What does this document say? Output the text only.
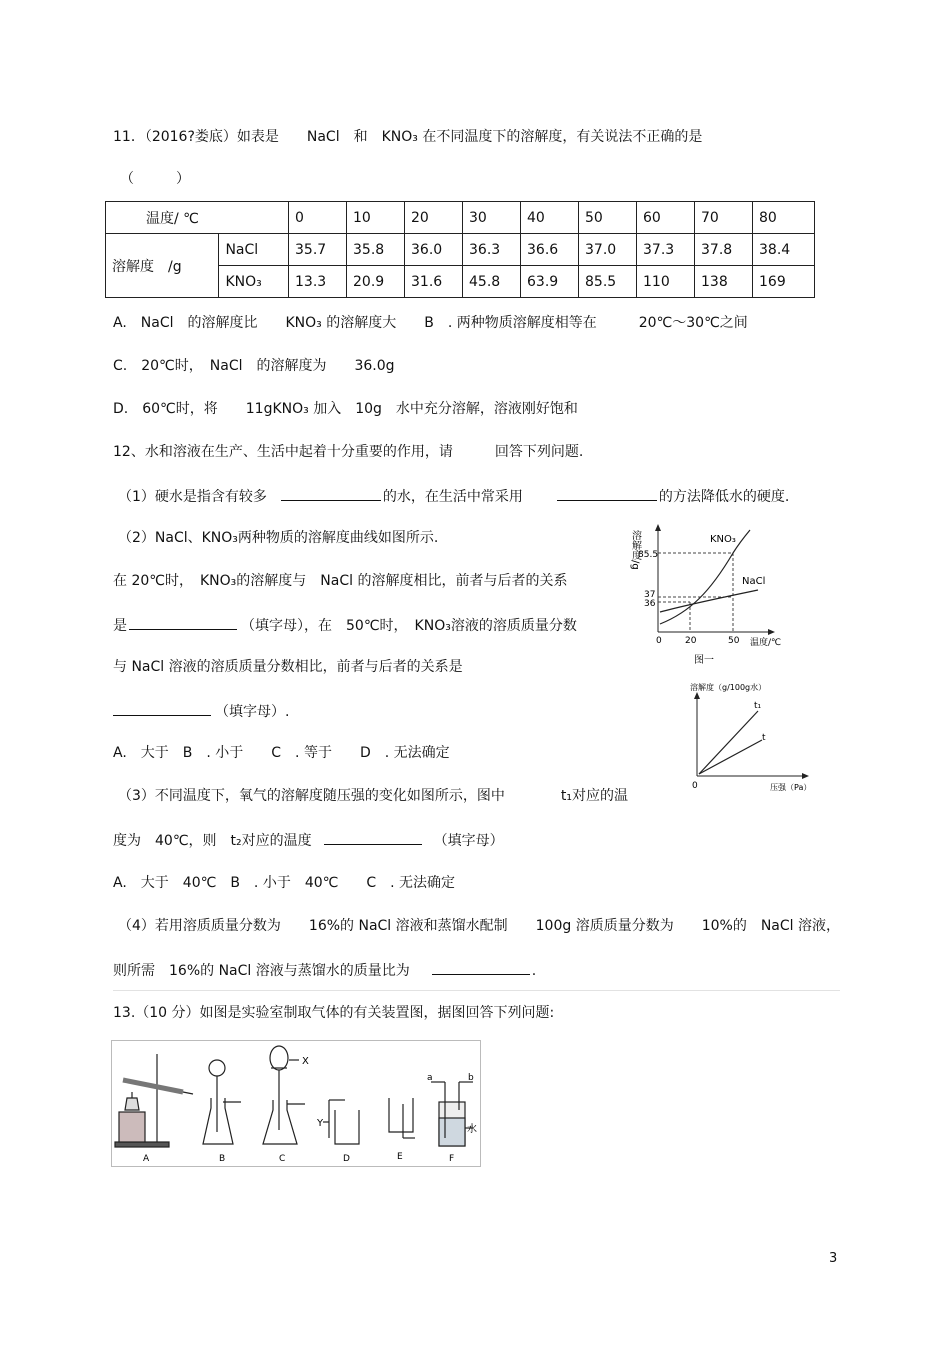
11．（2016?娄底）如表是　　NaCl　和　KNO₃ 在不同温度下的溶解度，有关说法不正确的是
（　　　）
温度/ ℃		0	10	20	30	40	50	60	70	80
溶解度　/g	NaCl	35.7	35.8	36.0	36.3	36.6	37.0	37.3	37.8	38.4
	KNO₃	13.3	20.9	31.6	45.8	63.9	85.5	110	138	169
A.　NaCl　的溶解度比　　KNO₃ 的溶解度大　　B　. 两种物质溶解度相等在　　　20℃～30℃之间
C.　20℃时，　NaCl　的溶解度为　　36.0g
D.　60℃时，将　　11gKNO₃ 加入　10g　水中充分溶解，溶液刚好饱和
12、水和溶液在生产、生活中起着十分重要的作用，请　　　回答下列问题.
（1）硬水是指含有较多	的水，在生活中常采用	的方法降低水的硬度.
（2）NaCl、KNO₃两种物质的溶解度曲线如图所示.
在 20℃时，　KNO₃的溶解度与　NaCl 的溶解度相比，前者与后者的关系
是	（填字母），在　50℃时，　KNO₃溶液的溶质质量分数
与 NaCl 溶液的溶质质量分数相比，前者与后者的关系是
（填字母）.
A.　大于　B　. 小于　　C　. 等于　　D　. 无法确定
（3）不同温度下，氧气的溶解度随压强的变化如图所示，图中　　　　t₁对应的温
度为　40℃，则　t₂对应的温度	（填字母）
A.　大于　40℃　B　. 小于　40℃　　C　. 无法确定
（4）若用溶质质量分数为　　16%的 NaCl 溶液和蒸馏水配制　　100g 溶质质量分数为　　10%的　NaCl 溶液，
则所需　16%的 NaCl 溶液与蒸馏水的质量比为	.
溶解度/g
85.5
37
36
0	20	50 温度/℃
KNO₃
NaCl
图一
溶解度（g/100g水）
t₁
t
0	压强（Pa）
13.（10 分）如图是实验室制取气体的有关装置图，据图回答下列问题:
X
Y
a	b
水
A	B	C	D	E	F
3
